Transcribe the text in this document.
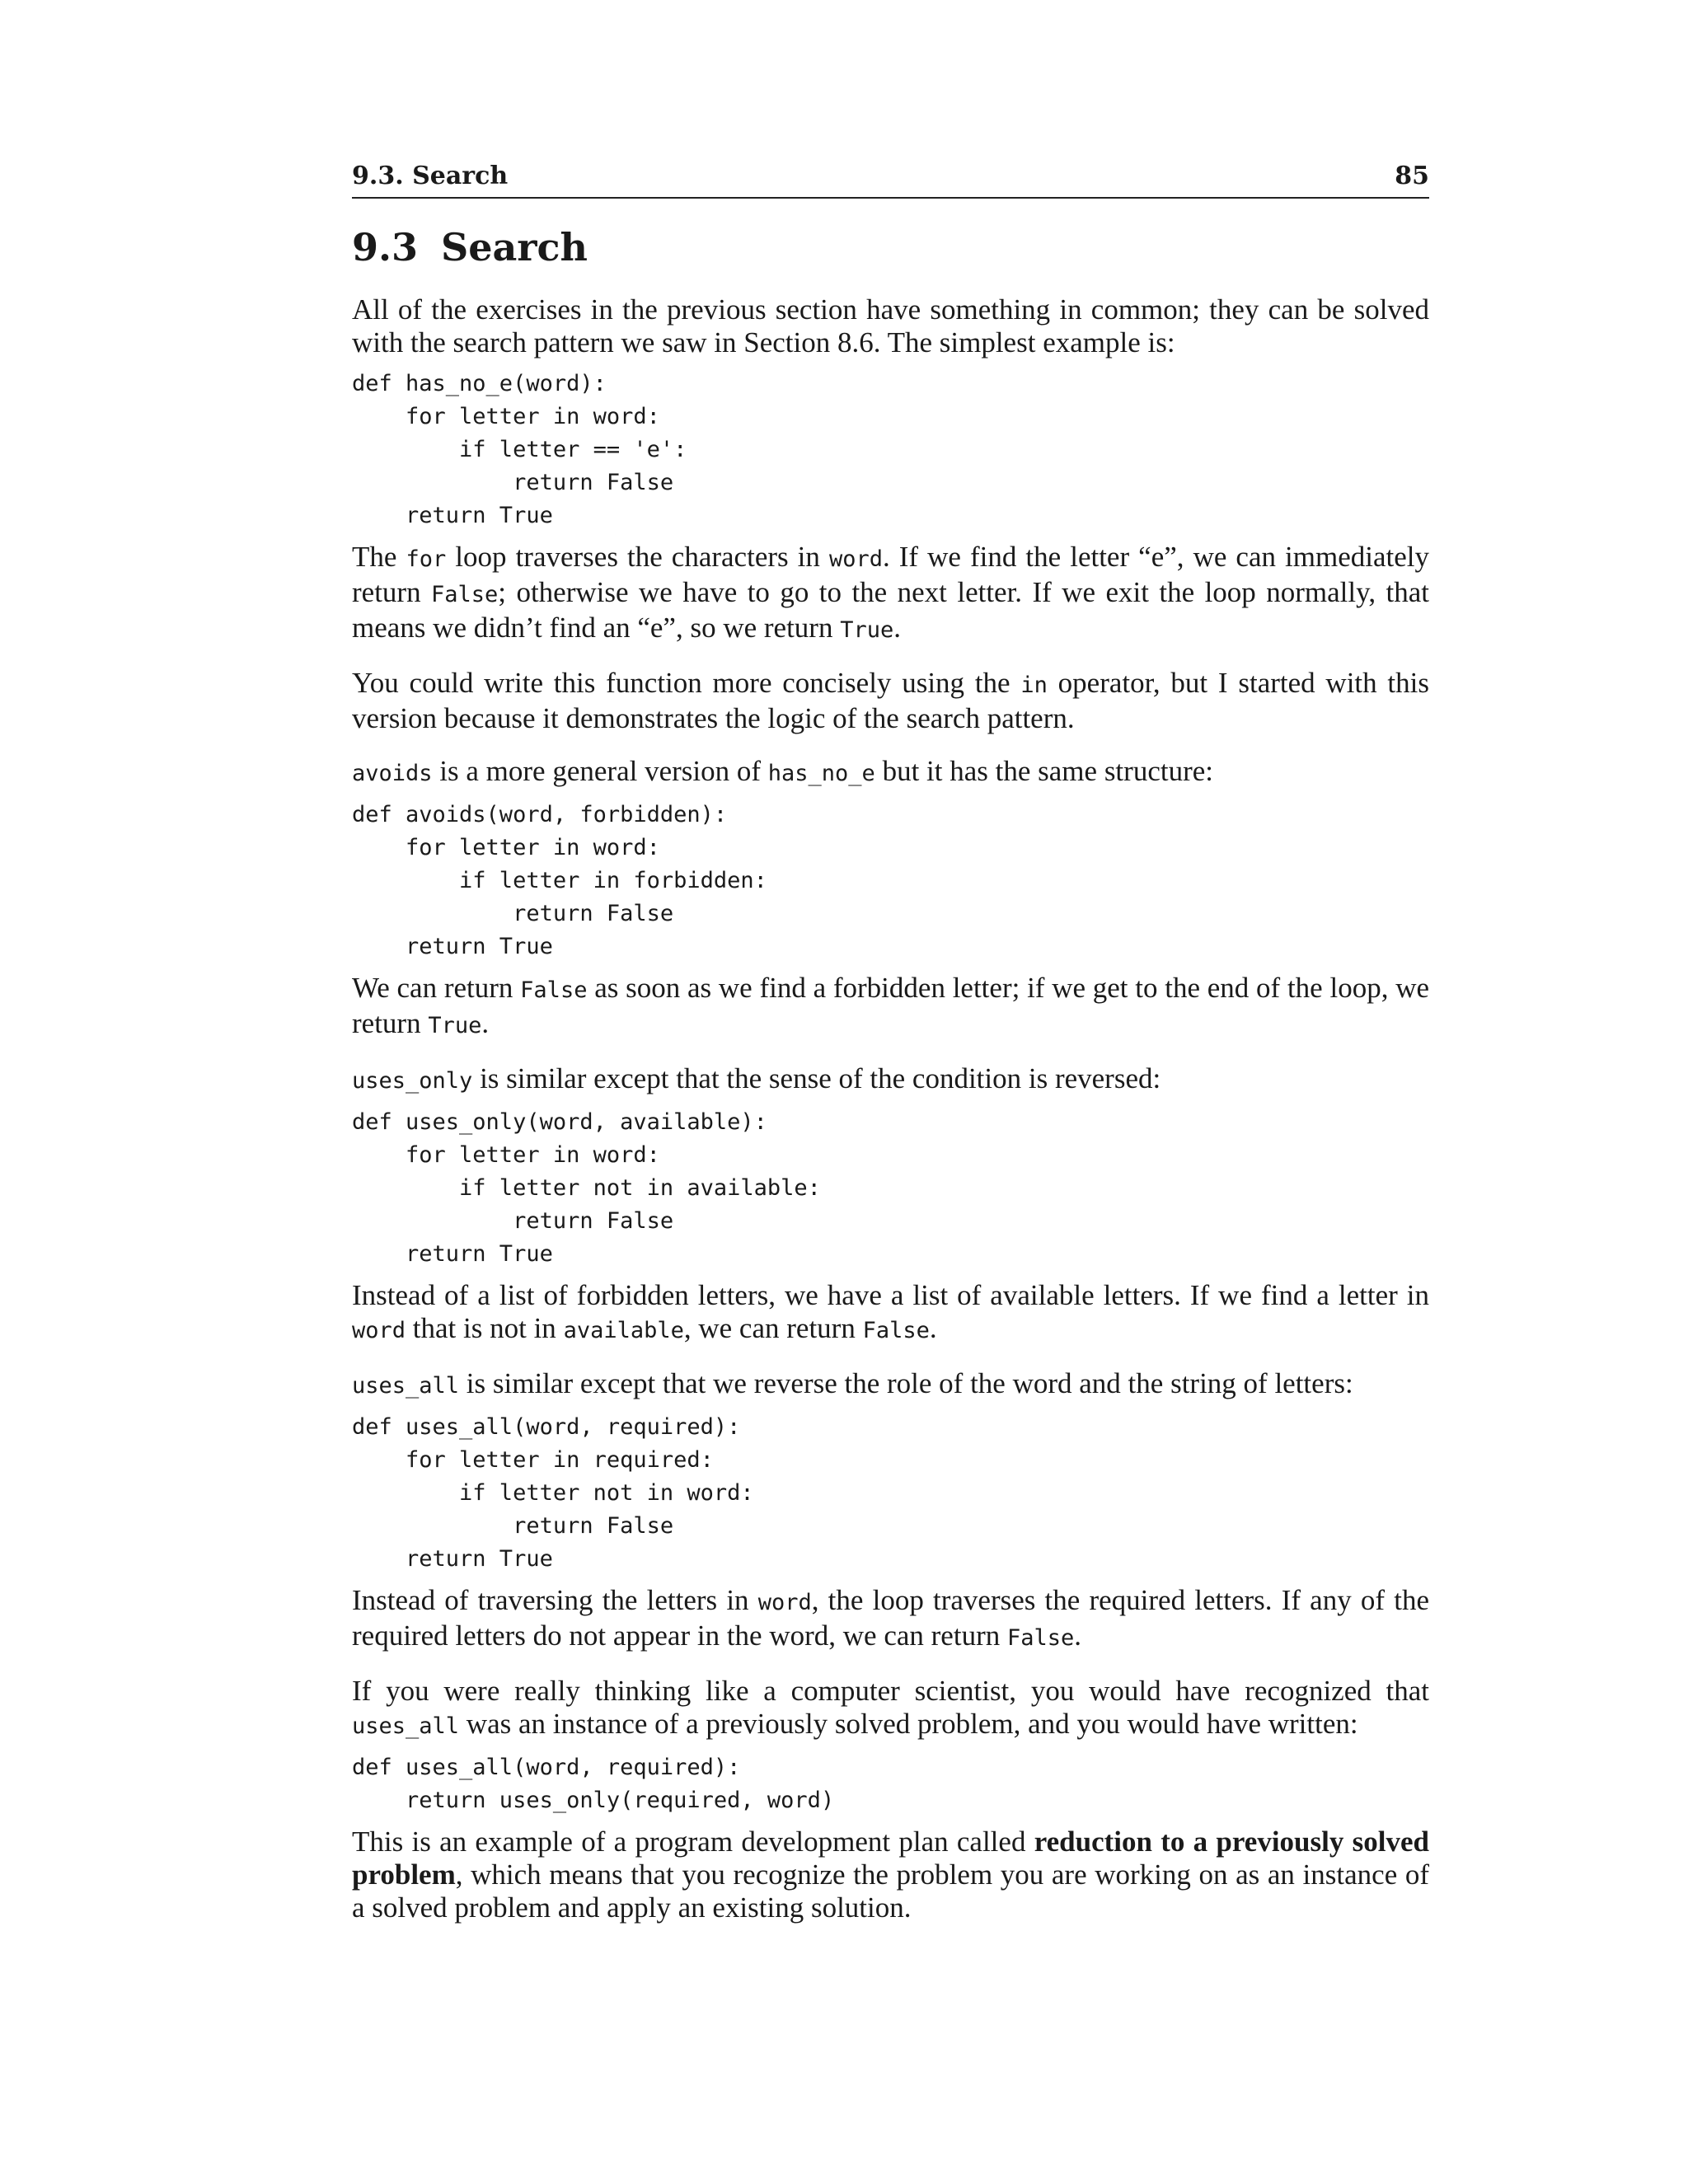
9.3. Search	85
9.3 Search

All of the exercises in the previous section have something in common; they can be solved with the search pattern we saw in Section 8.6. The simplest example is:

def has_no_e(word):
for letter in word:
if letter == 'e':
return False
return True

The for loop traverses the characters in word. If we find the letter “e”, we can immediately return False; otherwise we have to go to the next letter. If we exit the loop normally, that means we didn’t find an “e”, so we return True.

You could write this function more concisely using the in operator, but I started with this version because it demonstrates the logic of the search pattern.

avoids is a more general version of has_no_e but it has the same structure:

def avoids(word, forbidden):
for letter in word:
if letter in forbidden:
return False
return True

We can return False as soon as we find a forbidden letter; if we get to the end of the loop, we return True.

uses_only is similar except that the sense of the condition is reversed:

def uses_only(word, available):
for letter in word:
if letter not in available:
return False
return True

Instead of a list of forbidden letters, we have a list of available letters. If we find a letter in word that is not in available, we can return False.

uses_all is similar except that we reverse the role of the word and the string of letters:

def uses_all(word, required):
for letter in required:
if letter not in word:
return False
return True

Instead of traversing the letters in word, the loop traverses the required letters. If any of the required letters do not appear in the word, we can return False.

If you were really thinking like a computer scientist, you would have recognized that uses_all was an instance of a previously solved problem, and you would have written:

def uses_all(word, required):
return uses_only(required, word)

This is an example of a program development plan called reduction to a previously solved problem, which means that you recognize the problem you are working on as an instance of a solved problem and apply an existing solution.
